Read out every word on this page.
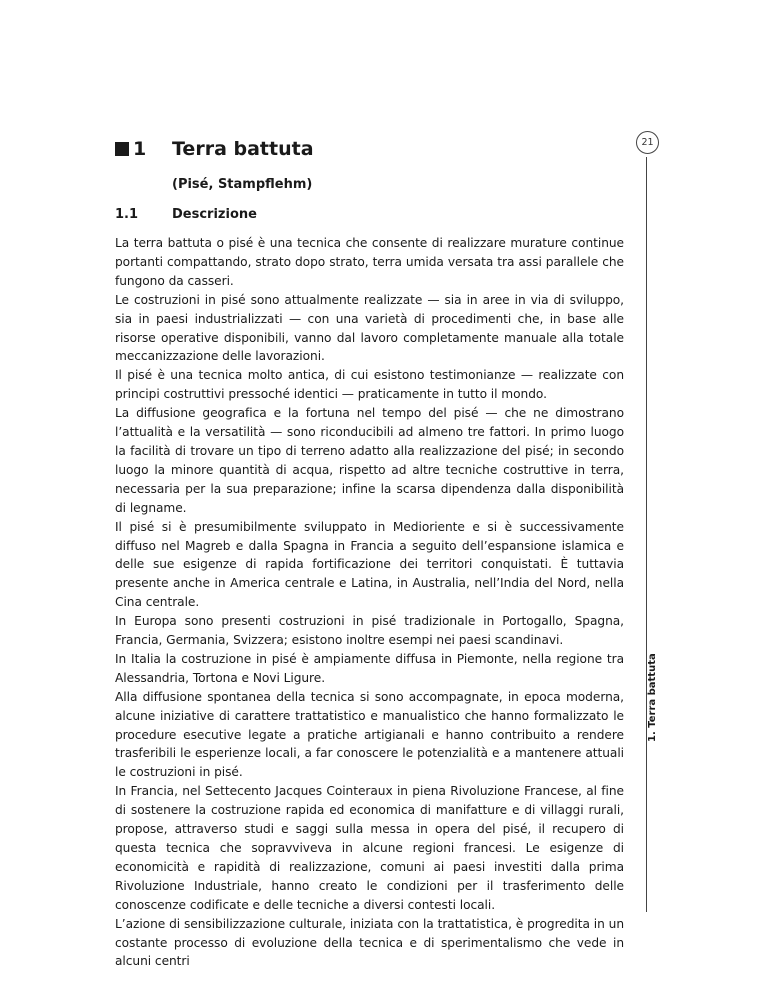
1 Terra battuta
(Pisé, Stampflehm)
1.1	Descrizione

La terra battuta o pisé è una tecnica che consente di realizzare murature continue portanti compattando, strato dopo strato, terra umida versata tra assi parallele che fungono da casseri.

Le costruzioni in pisé sono attualmente realizzate — sia in aree in via di sviluppo, sia in paesi industrializzati — con una varietà di procedimenti che, in base alle risorse operative disponibili, vanno dal lavoro completamente manuale alla totale meccanizzazione delle lavorazioni.

Il pisé è una tecnica molto antica, di cui esistono testimonianze — realizzate con principi costruttivi pressoché identici — praticamente in tutto il mondo.

La diffusione geografica e la fortuna nel tempo del pisé — che ne dimostrano l’attualità e la versatilità — sono riconducibili ad almeno tre fattori. In primo luogo la facilità di trovare un tipo di terreno adatto alla realizzazione del pisé; in secondo luogo la minore quantità di acqua, rispetto ad altre tecniche costruttive in terra, necessaria per la sua preparazione; infine la scarsa dipendenza dalla disponibilità di legname.

Il pisé si è presumibilmente sviluppato in Medioriente e si è successivamente diffuso nel Magreb e dalla Spagna in Francia a seguito dell’espansione islamica e delle sue esigenze di rapida fortificazione dei territori conquistati. È tuttavia presente anche in America centrale e Latina, in Australia, nell’India del Nord, nella Cina centrale.

In Europa sono presenti costruzioni in pisé tradizionale in Portogallo, Spagna, Francia, Germania, Svizzera; esistono inoltre esempi nei paesi scandinavi.

In Italia la costruzione in pisé è ampiamente diffusa in Piemonte, nella regione tra Alessandria, Tortona e Novi Ligure.

Alla diffusione spontanea della tecnica si sono accompagnate, in epoca moderna, alcune iniziative di carattere trattatistico e manualistico che hanno formalizzato le procedure esecutive legate a pratiche artigianali e hanno contribuito a rendere trasferibili le esperienze locali, a far conoscere le potenzialità e a mantenere attuali le costruzioni in pisé.

In Francia, nel Settecento Jacques Cointeraux in piena Rivoluzione Francese, al fine di sostenere la costruzione rapida ed economica di manifatture e di villaggi rurali, propose, attraverso studi e saggi sulla messa in opera del pisé, il recupero di questa tecnica che sopravviveva in alcune regioni francesi. Le esigenze di economicità e rapidità di realizzazione, comuni ai paesi investiti dalla prima Rivoluzione Industriale, hanno creato le condizioni per il trasferimento delle conoscenze codificate e delle tecniche a diversi contesti locali.

L’azione di sensibilizzazione culturale, iniziata con la trattatistica, è progredita in un costante processo di evoluzione della tecnica e di sperimentalismo che vede in alcuni centri

21
1. Terra battuta
